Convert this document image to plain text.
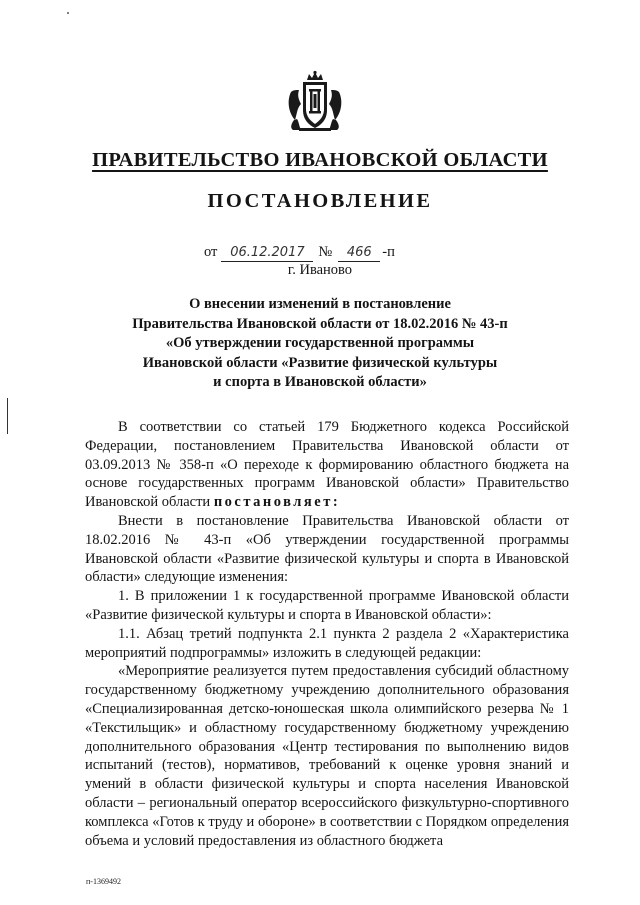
ПРАВИТЕЛЬСТВО ИВАНОВСКОЙ ОБЛАСТИ
ПОСТАНОВЛЕНИЕ
от 06.12.2017 № 466 -п
г. Иваново
О внесении изменений в постановление
Правительства Ивановской области от 18.02.2016 № 43-п
«Об утверждении государственной программы
Ивановской области «Развитие физической культуры
и спорта в Ивановской области»

В соответствии со статьей 179 Бюджетного кодекса Российской Федерации, постановлением Правительства Ивановской области от 03.09.2013 № 358-п «О переходе к формированию областного бюджета на основе государственных программ Ивановской области» Правительство Ивановской области постановляет:

Внести в постановление Правительства Ивановской области от 18.02.2016 № 43-п «Об утверждении государственной программы Ивановской области «Развитие физической культуры и спорта в Ивановской области» следующие изменения:

1. В приложении 1 к государственной программе Ивановской области «Развитие физической культуры и спорта в Ивановской области»:

1.1. Абзац третий подпункта 2.1 пункта 2 раздела 2 «Характеристика мероприятий подпрограммы» изложить в следующей редакции:

«Мероприятие реализуется путем предоставления субсидий областному государственному бюджетному учреждению дополнительного образования «Специализированная детско-юношеская школа олимпийского резерва № 1 «Текстильщик» и областному государственному бюджетному учреждению дополнительного образования «Центр тестирования по выполнению видов испытаний (тестов), нормативов, требований к оценке уровня знаний и умений в области физической культуры и спорта населения Ивановской области – региональный оператор всероссийского физкультурно-спортивного комплекса «Готов к труду и обороне» в соответствии с Порядком определения объема и условий предоставления из областного бюджета

п-1369492
